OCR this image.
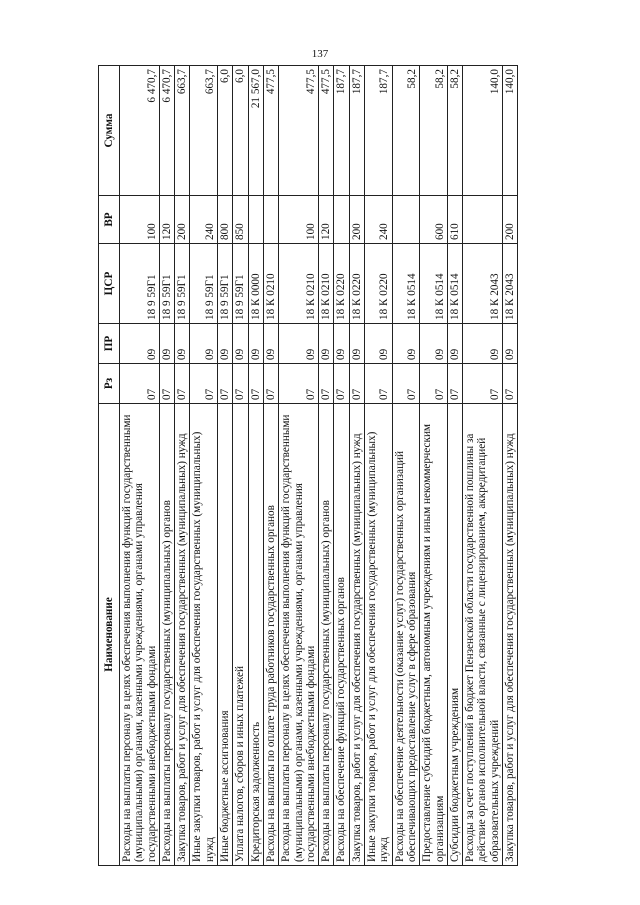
137
Наименование	Рз	ПР	ЦСР	ВР	Сумма
Расходы на выплаты персоналу в целях обеспечения выполнения функций государственными (муниципальными) органами, казенными учреждениями, органами управления государственными внебюджетными фондами	07	09	18 9 59Г1	100	6 470,7
Расходы на выплаты персоналу государственных (муниципальных) органов	07	09	18 9 59Г1	120	6 470,7
Закупка товаров, работ и услуг для обеспечения государственных (муниципальных) нужд	07	09	18 9 59Г1	200	663,7
Иные закупки товаров, работ и услуг для обеспечения государственных (муниципальных) нужд	07	09	18 9 59Г1	240	663,7
Иные бюджетные ассигнования	07	09	18 9 59Г1	800	6,0
Уплата налогов, сборов и иных платежей	07	09	18 9 59Г1	850	6,0
Кредиторская задолженность	07	09	18 К 0000		21 567,0
Расходы на выплаты по оплате труда работников государственных органов	07	09	18 К 0210		477,5
Расходы на выплаты персоналу в целях обеспечения выполнения функций государственными (муниципальными) органами, казенными учреждениями, органами управления государственными внебюджетными фондами	07	09	18 К 0210	100	477,5
Расходы на выплаты персоналу государственных (муниципальных) органов	07	09	18 К 0210	120	477,5
Расходы на обеспечение функций государственных органов	07	09	18 К 0220		187,7
Закупка товаров, работ и услуг для обеспечения государственных (муниципальных) нужд	07	09	18 К 0220	200	187,7
Иные закупки товаров, работ и услуг для обеспечения государственных (муниципальных) нужд	07	09	18 К 0220	240	187,7
Расходы на обеспечение деятельности (оказание услуг) государственных организаций обеспечивающих предоставление услуг в сфере образования	07	09	18 К 0514		58,2
Предоставление субсидий бюджетным, автономным учреждениям и иным некоммерческим организациям	07	09	18 К 0514	600	58,2
Субсидии бюджетным учреждениям	07	09	18 К 0514	610	58,2
Расходы за счет поступлений в бюджет Пензенской области государственной пошлины за действие органов исполнительной власти, связанные с лицензированием, аккредитацией образовательных учреждений	07	09	18 К 2043		140,0
Закупка товаров, работ и услуг для обеспечения государственных (муниципальных) нужд	07	09	18 К 2043	200	140,0
